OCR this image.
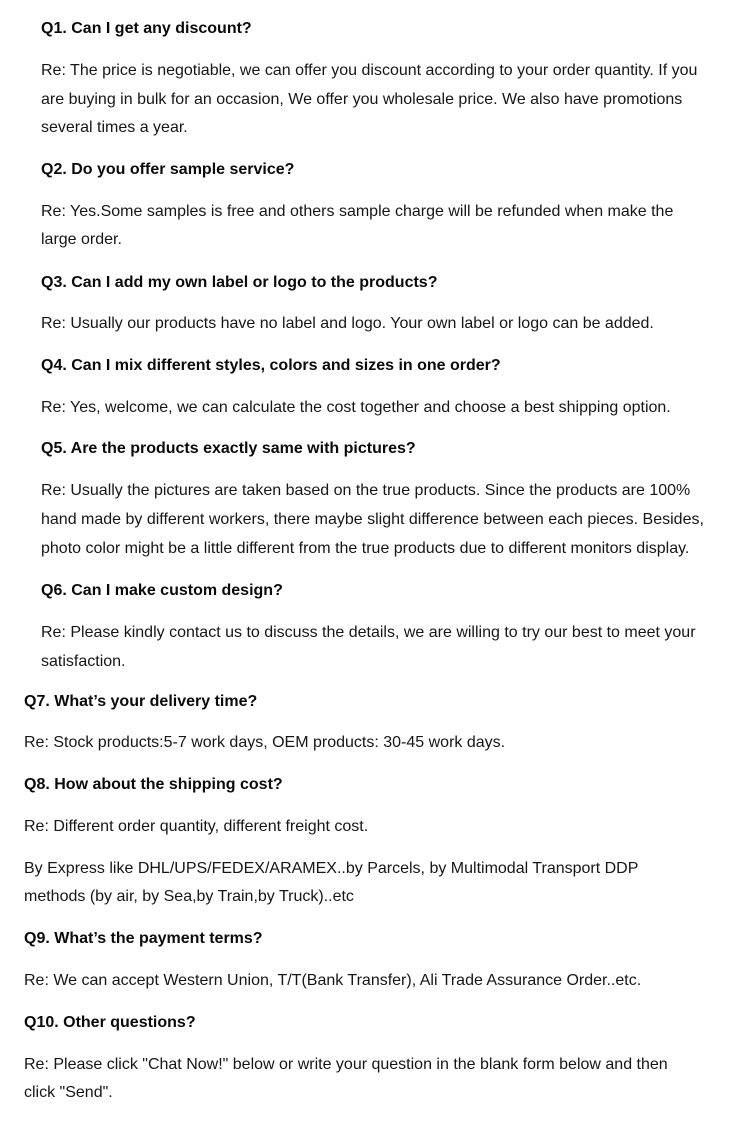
Q1. Can I get any discount?
Re: The price is negotiable, we can offer you discount according to your order quantity. If you
are buying in bulk for an occasion, We offer you wholesale price. We also have promotions
several times a year.
Q2. Do you offer sample service?
Re: Yes.Some samples is free and others sample charge will be refunded when make the
large order.
Q3. Can I add my own label or logo to the products?
Re: Usually our products have no label and logo. Your own label or logo can be added.
Q4. Can I mix different styles, colors and sizes in one order?
Re: Yes, welcome, we can calculate the cost together and choose a best shipping option.
Q5. Are the products exactly same with pictures?
Re: Usually the pictures are taken based on the true products. Since the products are 100%
hand made by different workers, there maybe slight difference between each pieces. Besides,
photo color might be a little different from the true products due to different monitors display.
Q6. Can I make custom design?
Re: Please kindly contact us to discuss the details, we are willing to try our best to meet your
satisfaction.
Q7. What’s your delivery time?
Re: Stock products:5-7 work days, OEM products: 30-45 work days.
Q8. How about the shipping cost?
Re: Different order quantity, different freight cost.
By Express like DHL/UPS/FEDEX/ARAMEX..by Parcels, by Multimodal Transport DDP
methods (by air, by Sea,by Train,by Truck)..etc
Q9. What’s the payment terms?
Re: We can accept Western Union, T/T(Bank Transfer), Ali Trade Assurance Order..etc.
Q10. Other questions?
Re: Please click "Chat Now!" below or write your question in the blank form below and then
click "Send".
